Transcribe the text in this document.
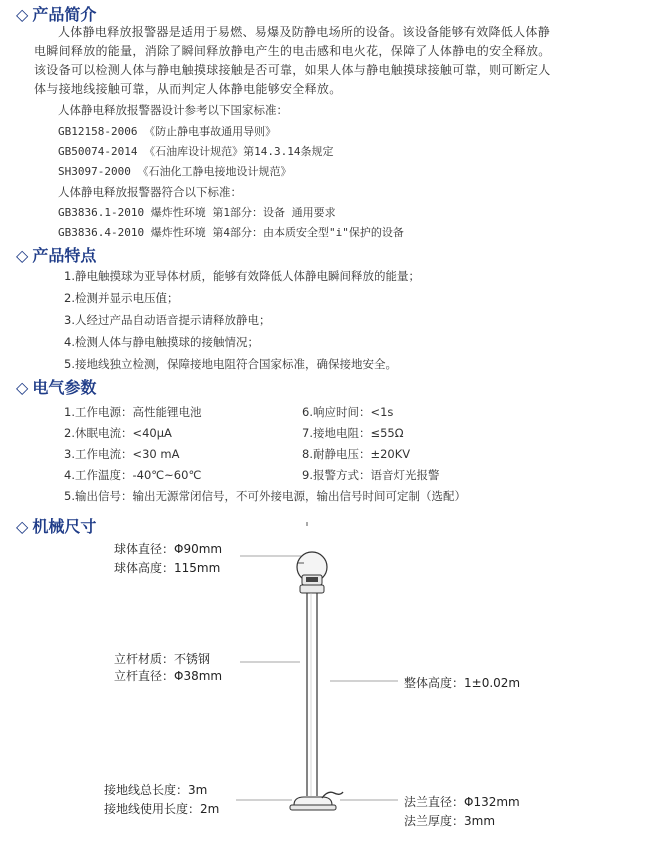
◇ 产品简介
人体静电释放报警器是适用于易燃、易爆及防静电场所的设备。该设备能够有效降低人体静
电瞬间释放的能量，消除了瞬间释放静电产生的电击感和电火花，保障了人体静电的安全释放。
该设备可以检测人体与静电触摸球接触是否可靠，如果人体与静电触摸球接触可靠，则可断定人
体与接地线接触可靠，从而判定人体静电能够安全释放。
人体静电释放报警器设计参考以下国家标准：
GB12158-2006 《防止静电事故通用导则》
GB50074-2014 《石油库设计规范》第14.3.14条规定
SH3097-2000 《石油化工静电接地设计规范》
人体静电释放报警器符合以下标准：
GB3836.1-2010 爆炸性环境 第1部分：设备 通用要求
GB3836.4-2010 爆炸性环境 第4部分：由本质安全型"i"保护的设备
◇ 产品特点
1.静电触摸球为亚导体材质，能够有效降低人体静电瞬间释放的能量；
2.检测并显示电压值；
3.人经过产品自动语音提示请释放静电；
4.检测人体与静电触摸球的接触情况；
5.接地线独立检测，保障接地电阻符合国家标准，确保接地安全。
◇ 电气参数
1.工作电源：高性能锂电池
2.休眠电流：<40μA
3.工作电流：<30 mA
4.工作温度：-40℃~60℃
6.响应时间：<1s
7.接地电阻：≤55Ω
8.耐静电压：±20KV
9.报警方式：语音灯光报警
5.输出信号：输出无源常闭信号，不可外接电源，输出信号时间可定制（选配）
◇ 机械尺寸
球体直径：Φ90mm
球体高度：115mm
立杆材质：不锈钢
立杆直径：Φ38mm	整体高度：1±0.02m
接地线总长度：3m
接地线使用长度：2m	法兰直径：Φ132mm
法兰厚度：3mm
